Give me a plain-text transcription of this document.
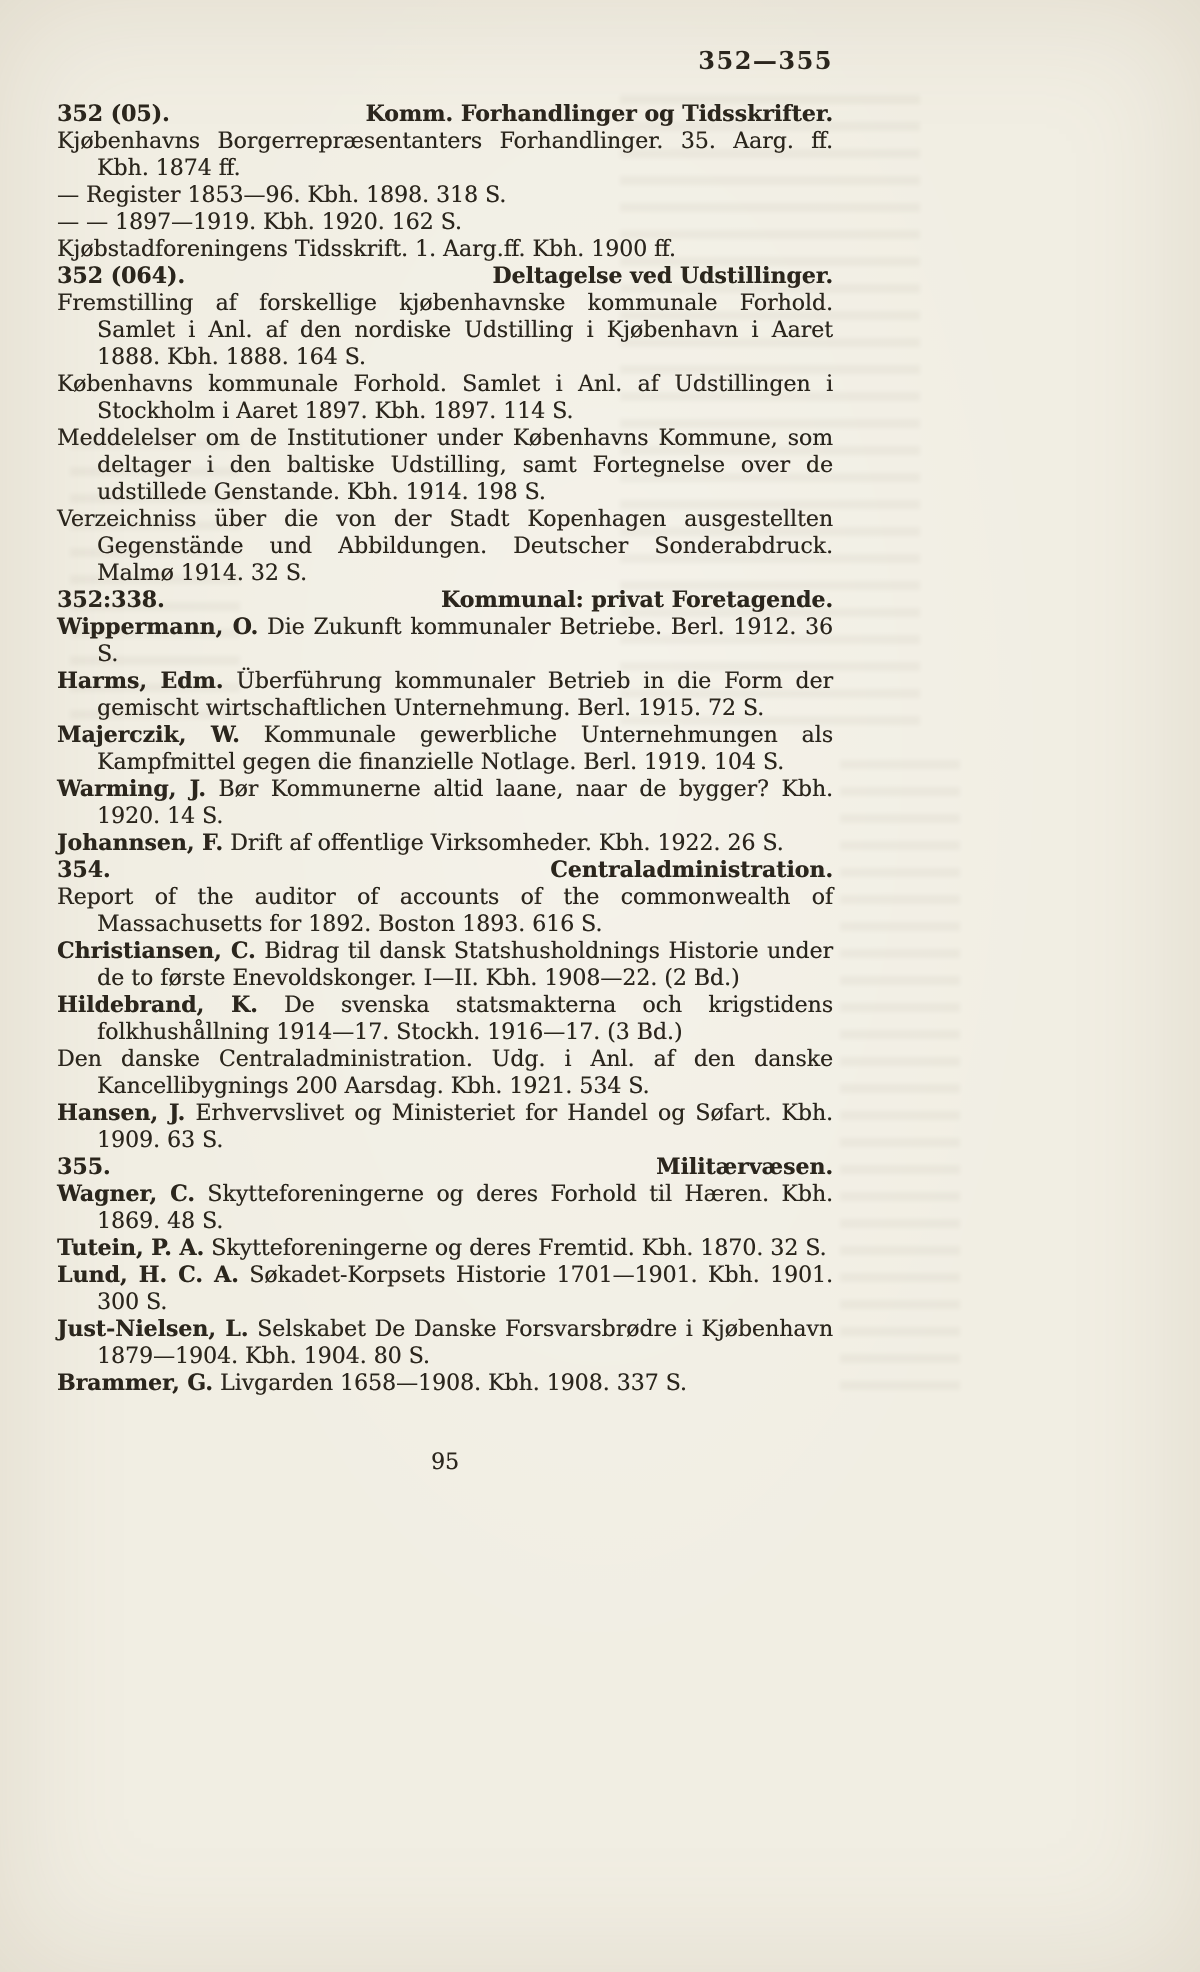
352—355
352 (05).	Komm. Forhandlinger og Tidsskrifter.

Kjøbenhavns Borgerrepræsentanters Forhandlinger. 35. Aarg. ff. Kbh. 1874 ff.

— Register 1853—96. Kbh. 1898. 318 S.

— — 1897—1919. Kbh. 1920. 162 S.

Kjøbstadforeningens Tidsskrift. 1. Aarg.ff. Kbh. 1900 ff.

352 (064).	Deltagelse ved Udstillinger.

Fremstilling af forskellige kjøbenhavnske kommunale Forhold. Samlet i Anl. af den nordiske Udstilling i Kjøbenhavn i Aaret 1888. Kbh. 1888. 164 S.

Københavns kommunale Forhold. Samlet i Anl. af Udstillingen i Stockholm i Aaret 1897. Kbh. 1897. 114 S.

Meddelelser om de Institutioner under Københavns Kommune, som deltager i den baltiske Udstilling, samt Fortegnelse over de udstillede Genstande. Kbh. 1914. 198 S.

Verzeichniss über die von der Stadt Kopenhagen ausgestellten Gegenstände und Abbildungen. Deutscher Sonderabdruck. Malmø 1914. 32 S.

352:338.	Kommunal: privat Foretagende.

Wippermann, O. Die Zukunft kommunaler Betriebe. Berl. 1912. 36 S.

Harms, Edm. Überführung kommunaler Betrieb in die Form der gemischt wirtschaftlichen Unternehmung. Berl. 1915. 72 S.

Majerczik, W. Kommunale gewerbliche Unternehmungen als Kampfmittel gegen die finanzielle Notlage. Berl. 1919. 104 S.

Warming, J. Bør Kommunerne altid laane, naar de bygger? Kbh. 1920. 14 S.

Johannsen, F. Drift af offentlige Virksomheder. Kbh. 1922. 26 S.

354.	Centraladministration.

Report of the auditor of accounts of the commonwealth of Massachusetts for 1892. Boston 1893. 616 S.

Christiansen, C. Bidrag til dansk Statshusholdnings Historie under de to første Enevoldskonger. I—II. Kbh. 1908—22. (2 Bd.)

Hildebrand, K. De svenska statsmakterna och krigstidens folkhushållning 1914—17. Stockh. 1916—17. (3 Bd.)

Den danske Centraladministration. Udg. i Anl. af den danske Kancellibygnings 200 Aarsdag. Kbh. 1921. 534 S.

Hansen, J. Erhvervslivet og Ministeriet for Handel og Søfart. Kbh. 1909. 63 S.

355.	Militærvæsen.

Wagner, C. Skytteforeningerne og deres Forhold til Hæren. Kbh. 1869. 48 S.

Tutein, P. A. Skytteforeningerne og deres Fremtid. Kbh. 1870. 32 S.

Lund, H. C. A. Søkadet-Korpsets Historie 1701—1901. Kbh. 1901. 300 S.

Just-Nielsen, L. Selskabet De Danske Forsvarsbrødre i Kjøbenhavn 1879—1904. Kbh. 1904. 80 S.

Brammer, G. Livgarden 1658—1908. Kbh. 1908. 337 S.

95
